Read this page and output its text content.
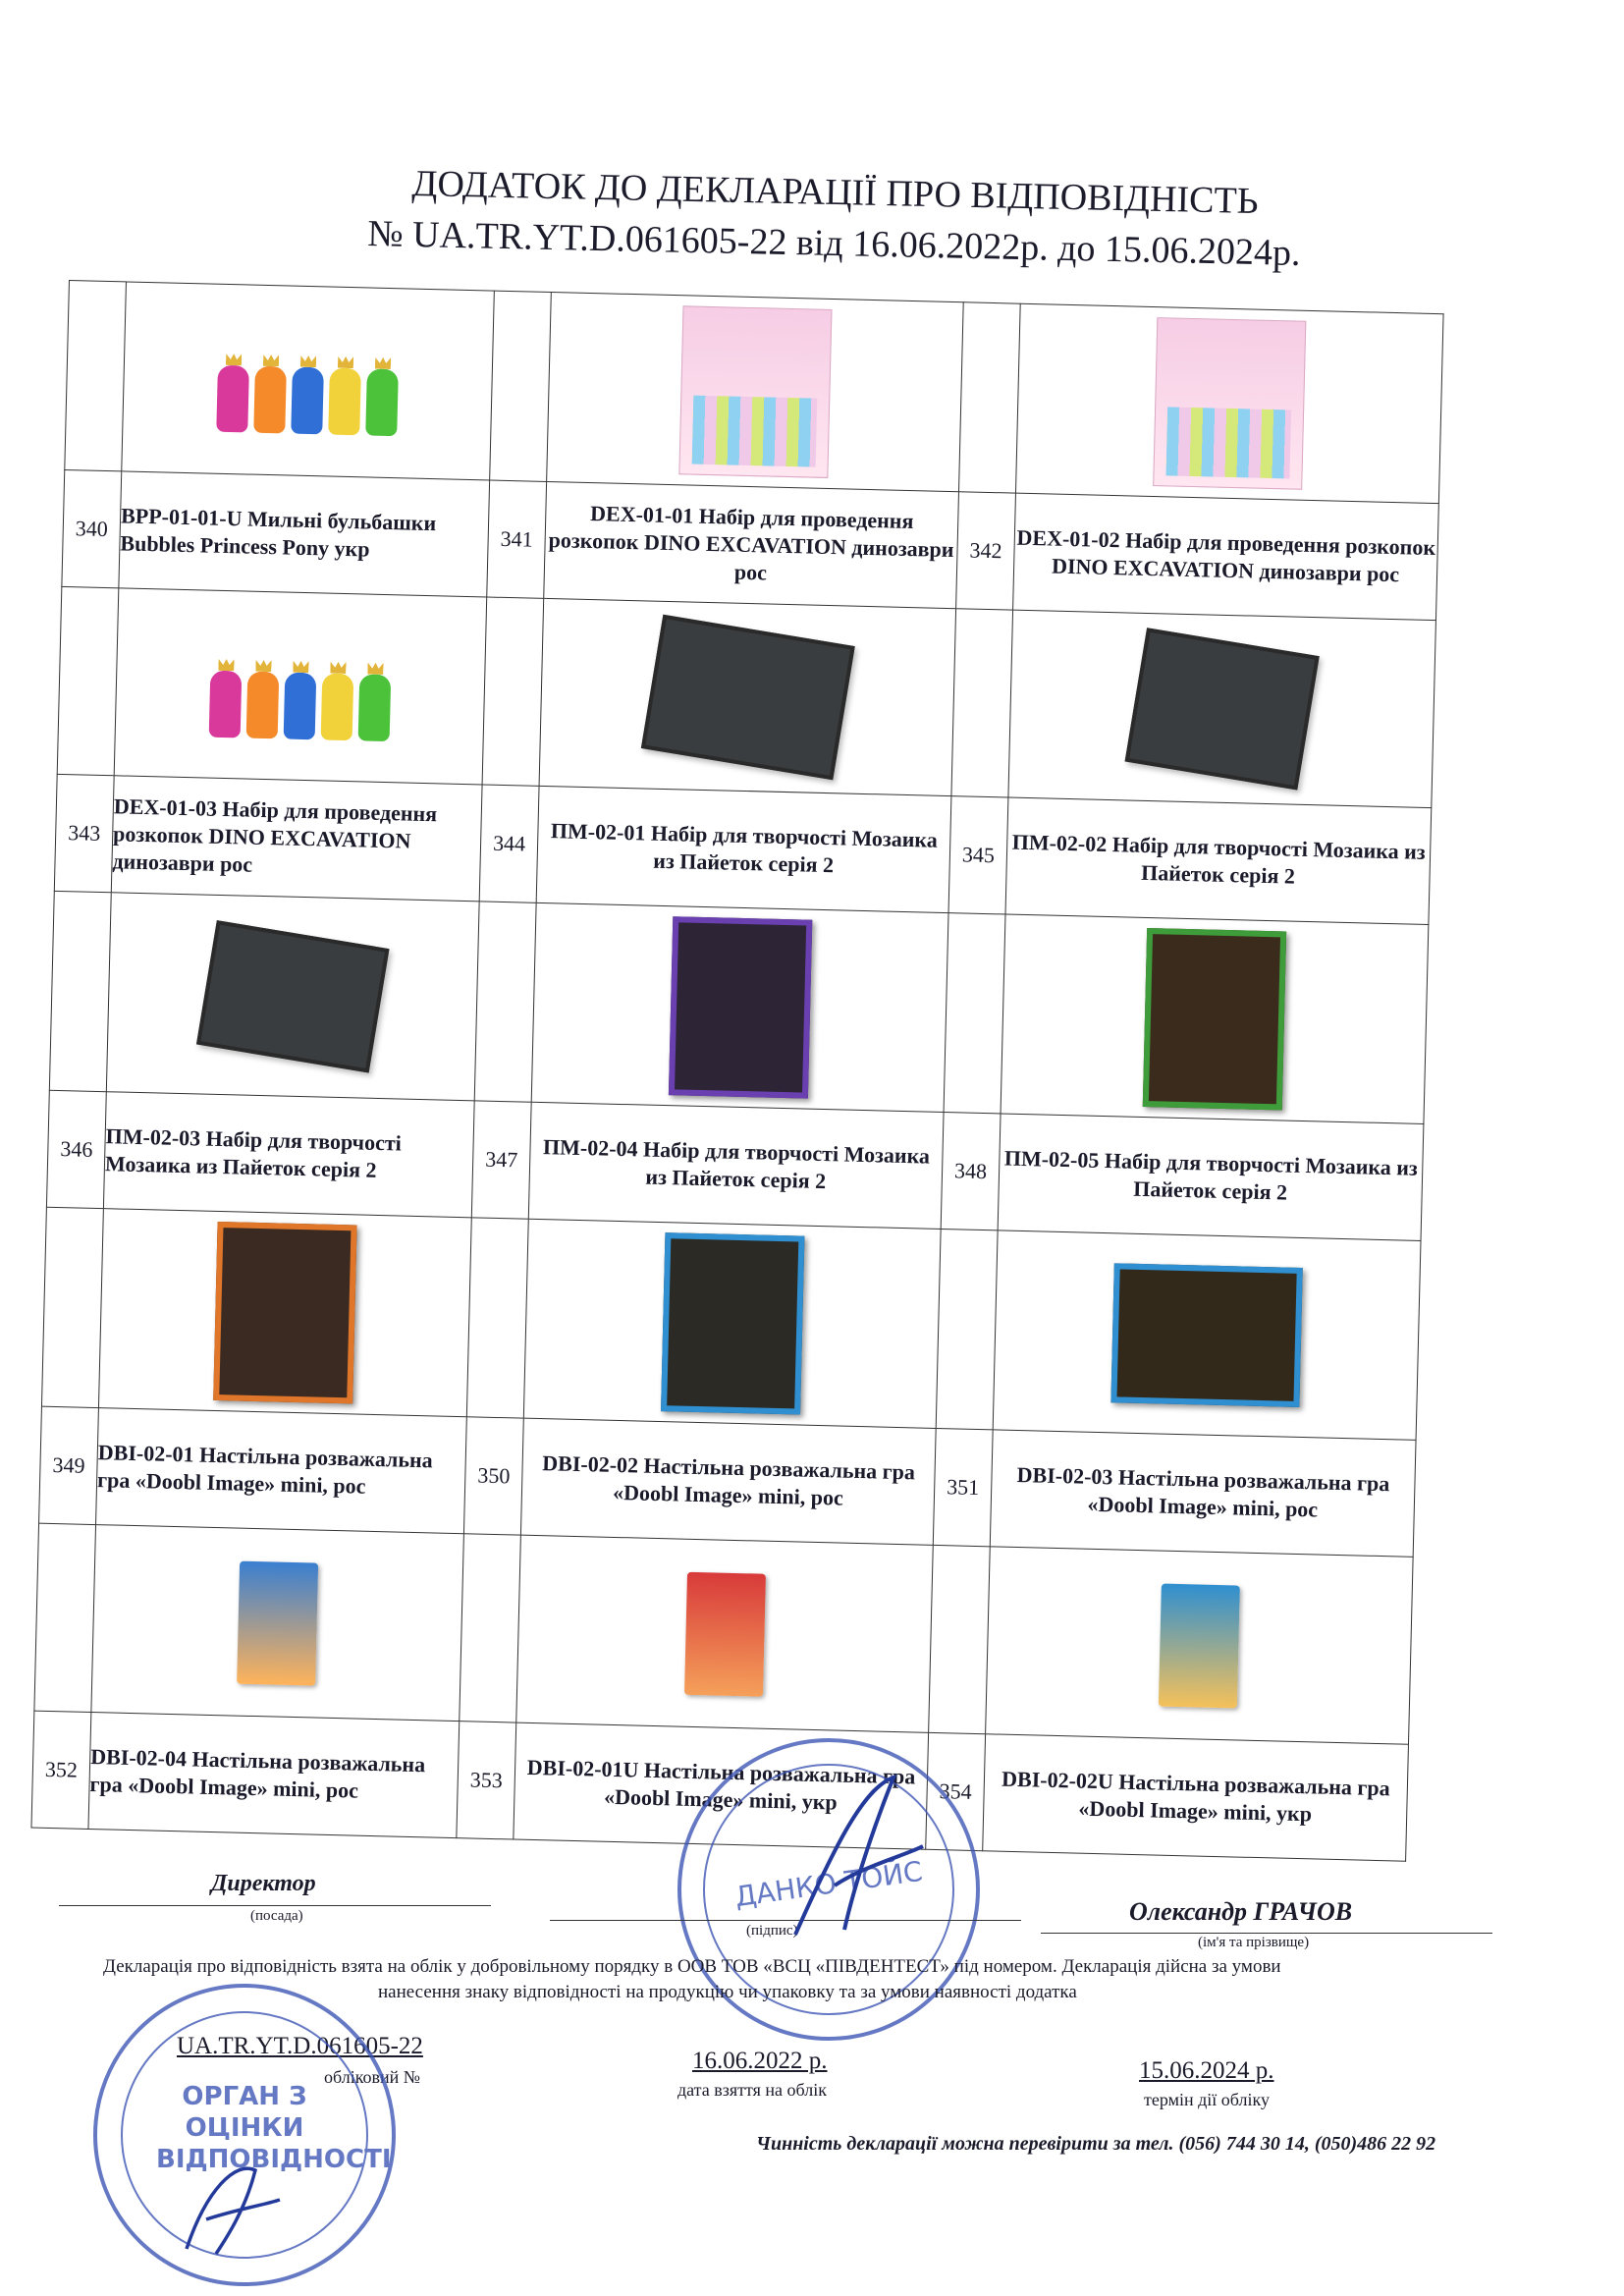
ДОДАТОК ДО ДЕКЛАРАЦІЇ ПРО ВІДПОВІДНІСТЬ
№ UA.TR.YT.D.061605-22 від 16.06.2022р. до 15.06.2024р.

340	BPP-01-01-U Мильні бульбашки Bubbles Princess Pony укр	341	DEX-01-01 Набір для проведення розкопок DINO EXCAVATION динозаври рос	342	DEX-01-02 Набір для проведення розкопок DINO EXCAVATION динозаври рос

343	DEX-01-03 Набір для проведення розкопок DINO EXCAVATION динозаври рос	344	ПМ-02-01 Набір для творчості Мозаика из Пайеток серія 2	345	ПМ-02-02 Набір для творчості Мозаика из Пайеток серія 2

346	ПМ-02-03 Набір для творчості Мозаика из Пайеток серія 2	347	ПМ-02-04 Набір для творчості Мозаика из Пайеток серія 2	348	ПМ-02-05 Набір для творчості Мозаика из Пайеток серія 2

349	DBI-02-01 Настільна розважальна гра «Doobl Image» mini, рос	350	DBI-02-02 Настільна розважальна гра «Doobl Image» mini, рос	351	DBI-02-03 Настільна розважальна гра «Doobl Image» mini, рос

352	DBI-02-04 Настільна розважальна гра «Doobl Image» mini, рос	353	DBI-02-01U Настільна розважальна гра «Doobl Image» mini, укр	354	DBI-02-02U Настільна розважальна гра «Doobl Image» mini, укр
ДАНКО ТОЙС
Директор
(посада)
(підпис)
Олександр ГРАЧОВ
(ім'я та прізвище)
Декларація про відповідність взята на облік у добровільному порядку в ООВ ТОВ «ВСЦ «ПІВДЕНТЕСТ» під номером. Декларація дійсна за умови
нанесення знаку відповідності на продукцію чи упаковку та за умови наявності додатка
UA.TR.YT.D.061605-22
обліковий №
16.06.2022 р.
дата взяття на облік
15.06.2024 р.
термін дії обліку
Чинність декларації можна перевірити за тел. (056) 744 30 14, (050)486 22 92
ОРГАН З ОЦІНКИ ВІДПОВІДНОСТІ
